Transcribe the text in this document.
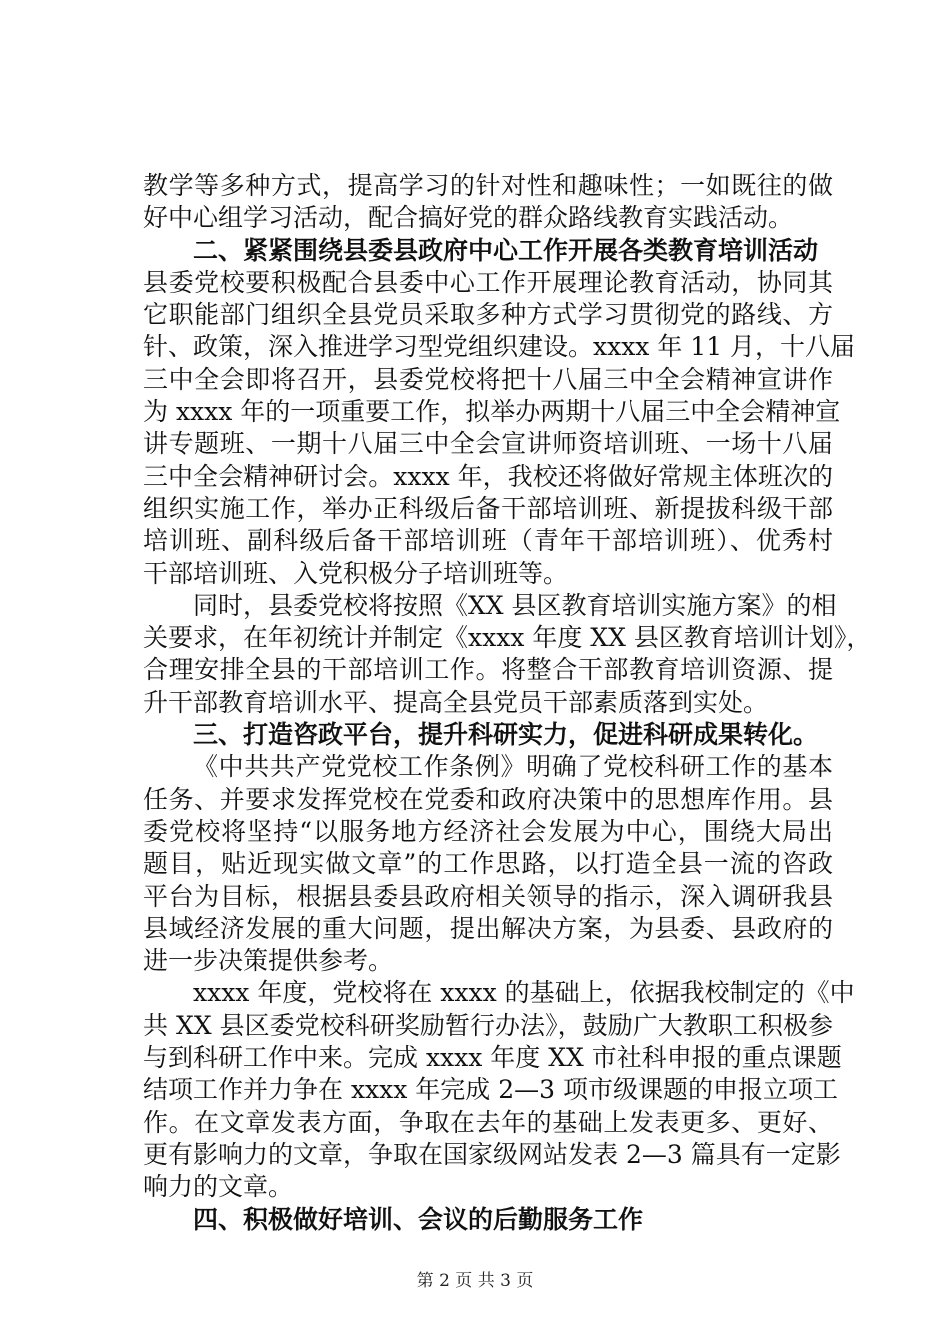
教学等多种方式，提高学习的针对性和趣味性；一如既往的做
好中心组学习活动，配合搞好党的群众路线教育实践活动。
二、紧紧围绕县委县政府中心工作开展各类教育培训活动
县委党校要积极配合县委中心工作开展理论教育活动，协同其
它职能部门组织全县党员采取多种方式学习贯彻党的路线、方
针、政策，深入推进学习型党组织建设。xxxx 年 11 月，十八届
三中全会即将召开，县委党校将把十八届三中全会精神宣讲作
为 xxxx 年的一项重要工作，拟举办两期十八届三中全会精神宣
讲专题班、一期十八届三中全会宣讲师资培训班、一场十八届
三中全会精神研讨会。xxxx 年，我校还将做好常规主体班次的
组织实施工作，举办正科级后备干部培训班、新提拔科级干部
培训班、副科级后备干部培训班（青年干部培训班）、优秀村
干部培训班、入党积极分子培训班等。
同时，县委党校将按照《XX 县区教育培训实施方案》的相
关要求，在年初统计并制定《xxxx 年度 XX 县区教育培训计划》，
合理安排全县的干部培训工作。将整合干部教育培训资源、提
升干部教育培训水平、提高全县党员干部素质落到实处。
三、打造咨政平台，提升科研实力，促进科研成果转化。
《中共共产党党校工作条例》明确了党校科研工作的基本
任务、并要求发挥党校在党委和政府决策中的思想库作用。县
委党校将坚持“以服务地方经济社会发展为中心，围绕大局出
题目，贴近现实做文章”的工作思路，以打造全县一流的咨政
平台为目标，根据县委县政府相关领导的指示，深入调研我县
县域经济发展的重大问题，提出解决方案，为县委、县政府的
进一步决策提供参考。
xxxx 年度，党校将在 xxxx 的基础上，依据我校制定的《中
共 XX 县区委党校科研奖励暂行办法》，鼓励广大教职工积极参
与到科研工作中来。完成 xxxx 年度 XX 市社科申报的重点课题
结项工作并力争在 xxxx 年完成 2—3 项市级课题的申报立项工
作。在文章发表方面，争取在去年的基础上发表更多、更好、
更有影响力的文章，争取在国家级网站发表 2—3 篇具有一定影
响力的文章。
四、积极做好培训、会议的后勤服务工作
第 2 页 共 3 页
